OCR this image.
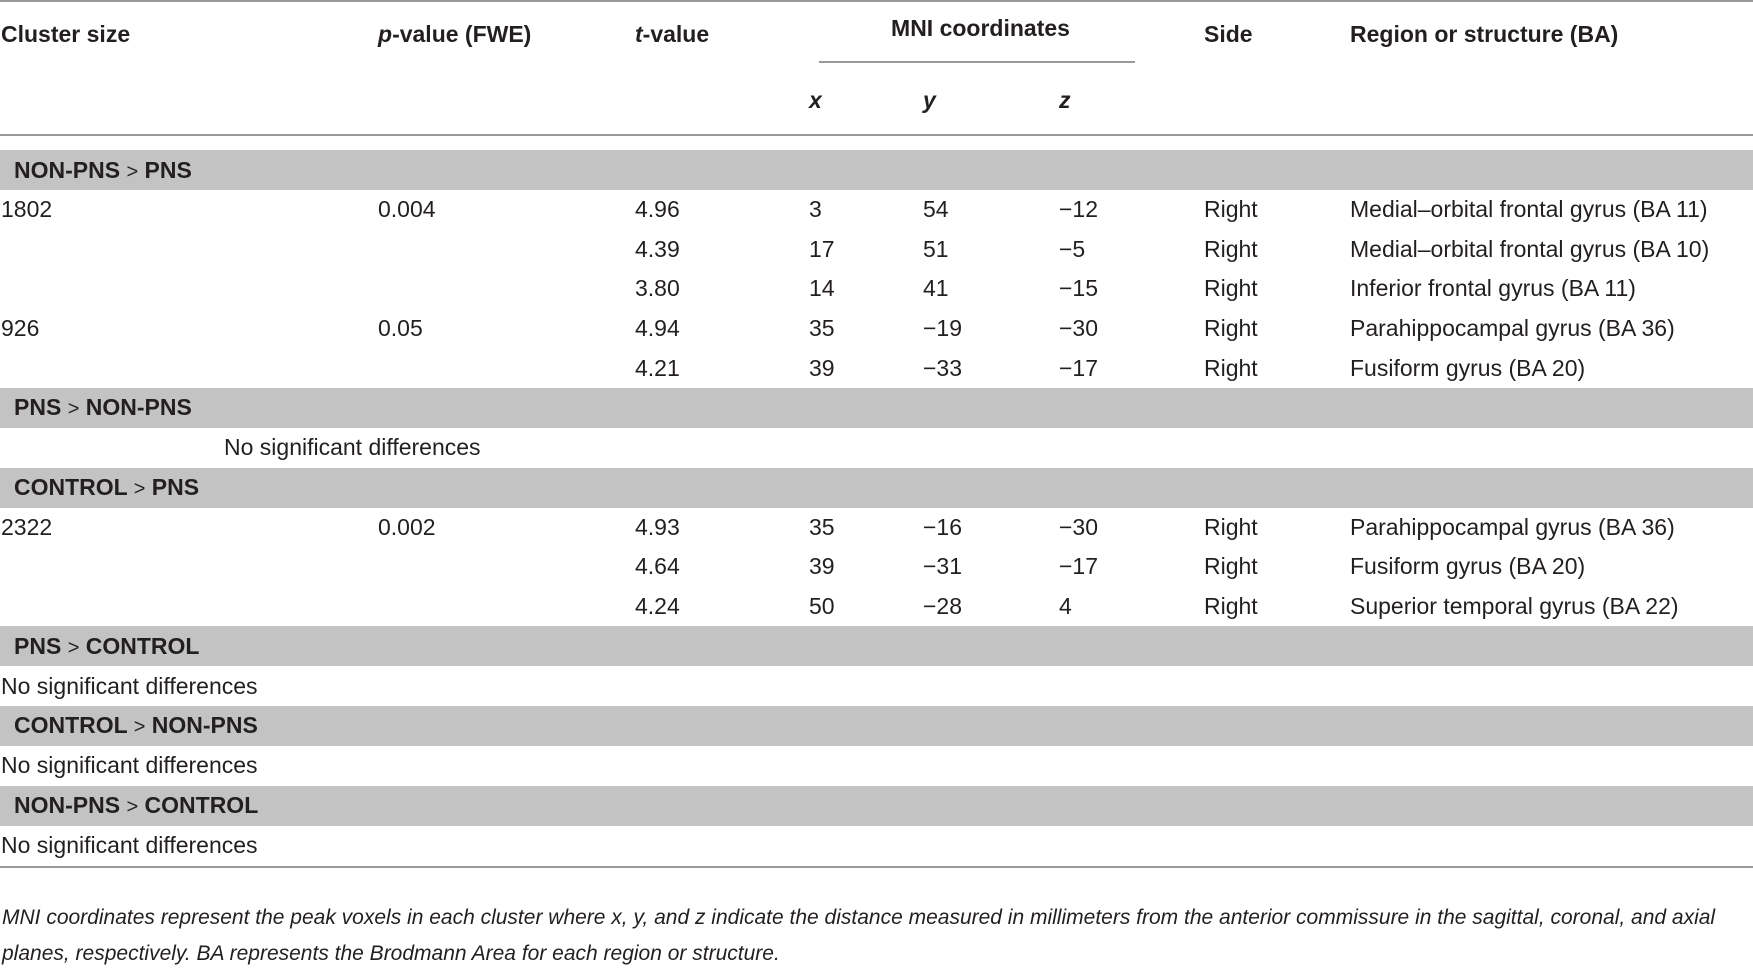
Cluster size	p-value (FWE)	t-value	MNI coordinates			Side	Region or structure (BA)
			x	y	z		

NON-PNS > PNS							
1802	0.004	4.96	3	54	−12	Right	Medial–orbital frontal gyrus (BA 11)
		4.39	17	51	−5	Right	Medial–orbital frontal gyrus (BA 10)
		3.80	14	41	−15	Right	Inferior frontal gyrus (BA 11)
926	0.05	4.94	35	−19	−30	Right	Parahippocampal gyrus (BA 36)
		4.21	39	−33	−17	Right	Fusiform gyrus (BA 20)
PNS > NON-PNS							
No significant differences							
CONTROL > PNS							
2322	0.002	4.93	35	−16	−30	Right	Parahippocampal gyrus (BA 36)
		4.64	39	−31	−17	Right	Fusiform gyrus (BA 20)
		4.24	50	−28	4	Right	Superior temporal gyrus (BA 22)
PNS > CONTROL							
No significant differences							
CONTROL > NON-PNS							
No significant differences							
NON-PNS > CONTROL							
No significant differences							
MNI coordinates represent the peak voxels in each cluster where x, y, and z indicate the distance measured in millimeters from the anterior commissure in the sagittal, coronal, and axial planes, respectively. BA represents the Brodmann Area for each region or structure.
